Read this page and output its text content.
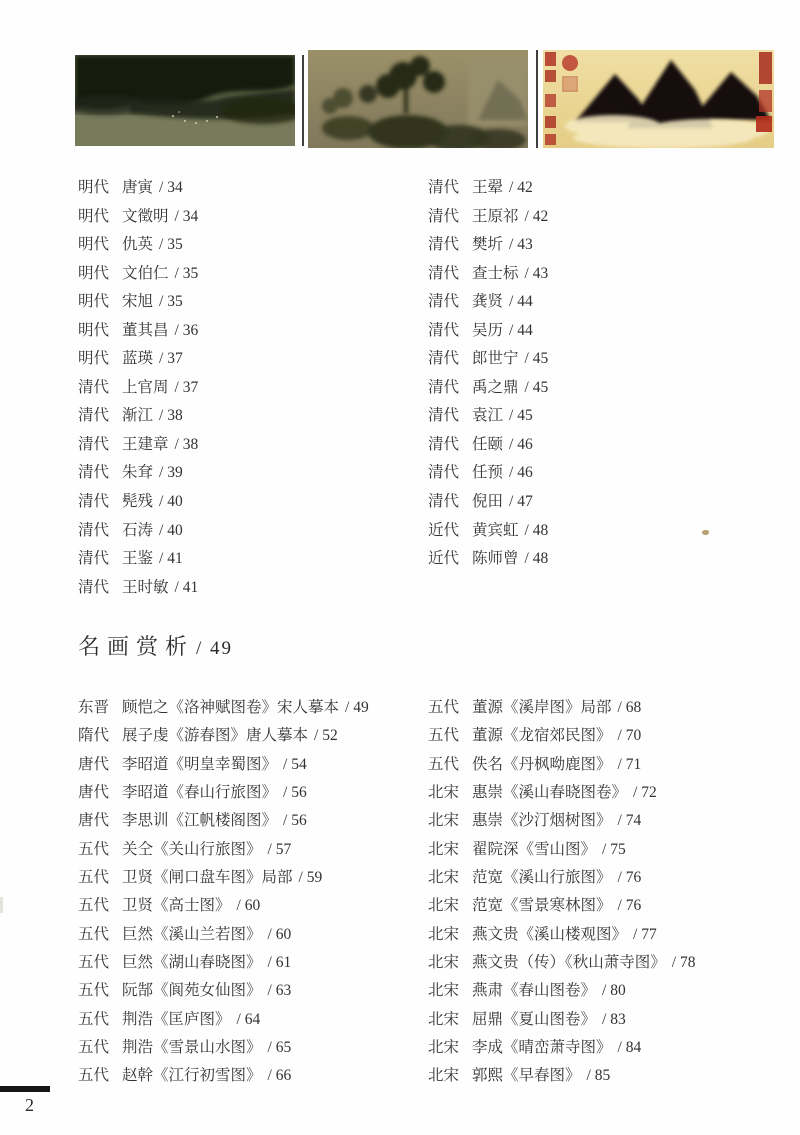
明代 唐寅 / 34
明代 文徵明 / 34
明代 仇英 / 35
明代 文伯仁 / 35
明代 宋旭 / 35
明代 董其昌 / 36
明代 蓝瑛 / 37
清代 上官周 / 37
清代 渐江 / 38
清代 王建章 / 38
清代 朱耷 / 39
清代 髡残 / 40
清代 石涛 / 40
清代 王鉴 / 41
清代 王时敏 / 41
清代 王翚 / 42
清代 王原祁 / 42
清代 樊圻 / 43
清代 查士标 / 43
清代 龚贤 / 44
清代 吴历 / 44
清代 郎世宁 / 45
清代 禹之鼎 / 45
清代 袁江 / 45
清代 任颐 / 46
清代 任预 / 46
清代 倪田 / 47
近代 黄宾虹 / 48
近代 陈师曾 / 48
名画赏析 / 49
东晋 顾恺之《洛神赋图卷》宋人摹本 / 49
隋代 展子虔《游春图》唐人摹本 / 52
唐代 李昭道《明皇幸蜀图》 / 54
唐代 李昭道《春山行旅图》 / 56
唐代 李思训《江帆楼阁图》 / 56
五代 关仝《关山行旅图》 / 57
五代 卫贤《闸口盘车图》局部 / 59
五代 卫贤《高士图》 / 60
五代 巨然《溪山兰若图》 / 60
五代 巨然《湖山春晓图》 / 61
五代 阮郜《阆苑女仙图》 / 63
五代 荆浩《匡庐图》 / 64
五代 荆浩《雪景山水图》 / 65
五代 赵幹《江行初雪图》 / 66
五代 董源《溪岸图》局部 / 68
五代 董源《龙宿郊民图》 / 70
五代 佚名《丹枫呦鹿图》 / 71
北宋 惠崇《溪山春晓图卷》 / 72
北宋 惠崇《沙汀烟树图》 / 74
北宋 翟院深《雪山图》 / 75
北宋 范宽《溪山行旅图》 / 76
北宋 范宽《雪景寒林图》 / 76
北宋 燕文贵《溪山楼观图》 / 77
北宋 燕文贵（传）《秋山萧寺图》 / 78
北宋 燕肃《春山图卷》 / 80
北宋 屈鼎《夏山图卷》 / 83
北宋 李成《晴峦萧寺图》 / 84
北宋 郭熙《早春图》 / 85
2
